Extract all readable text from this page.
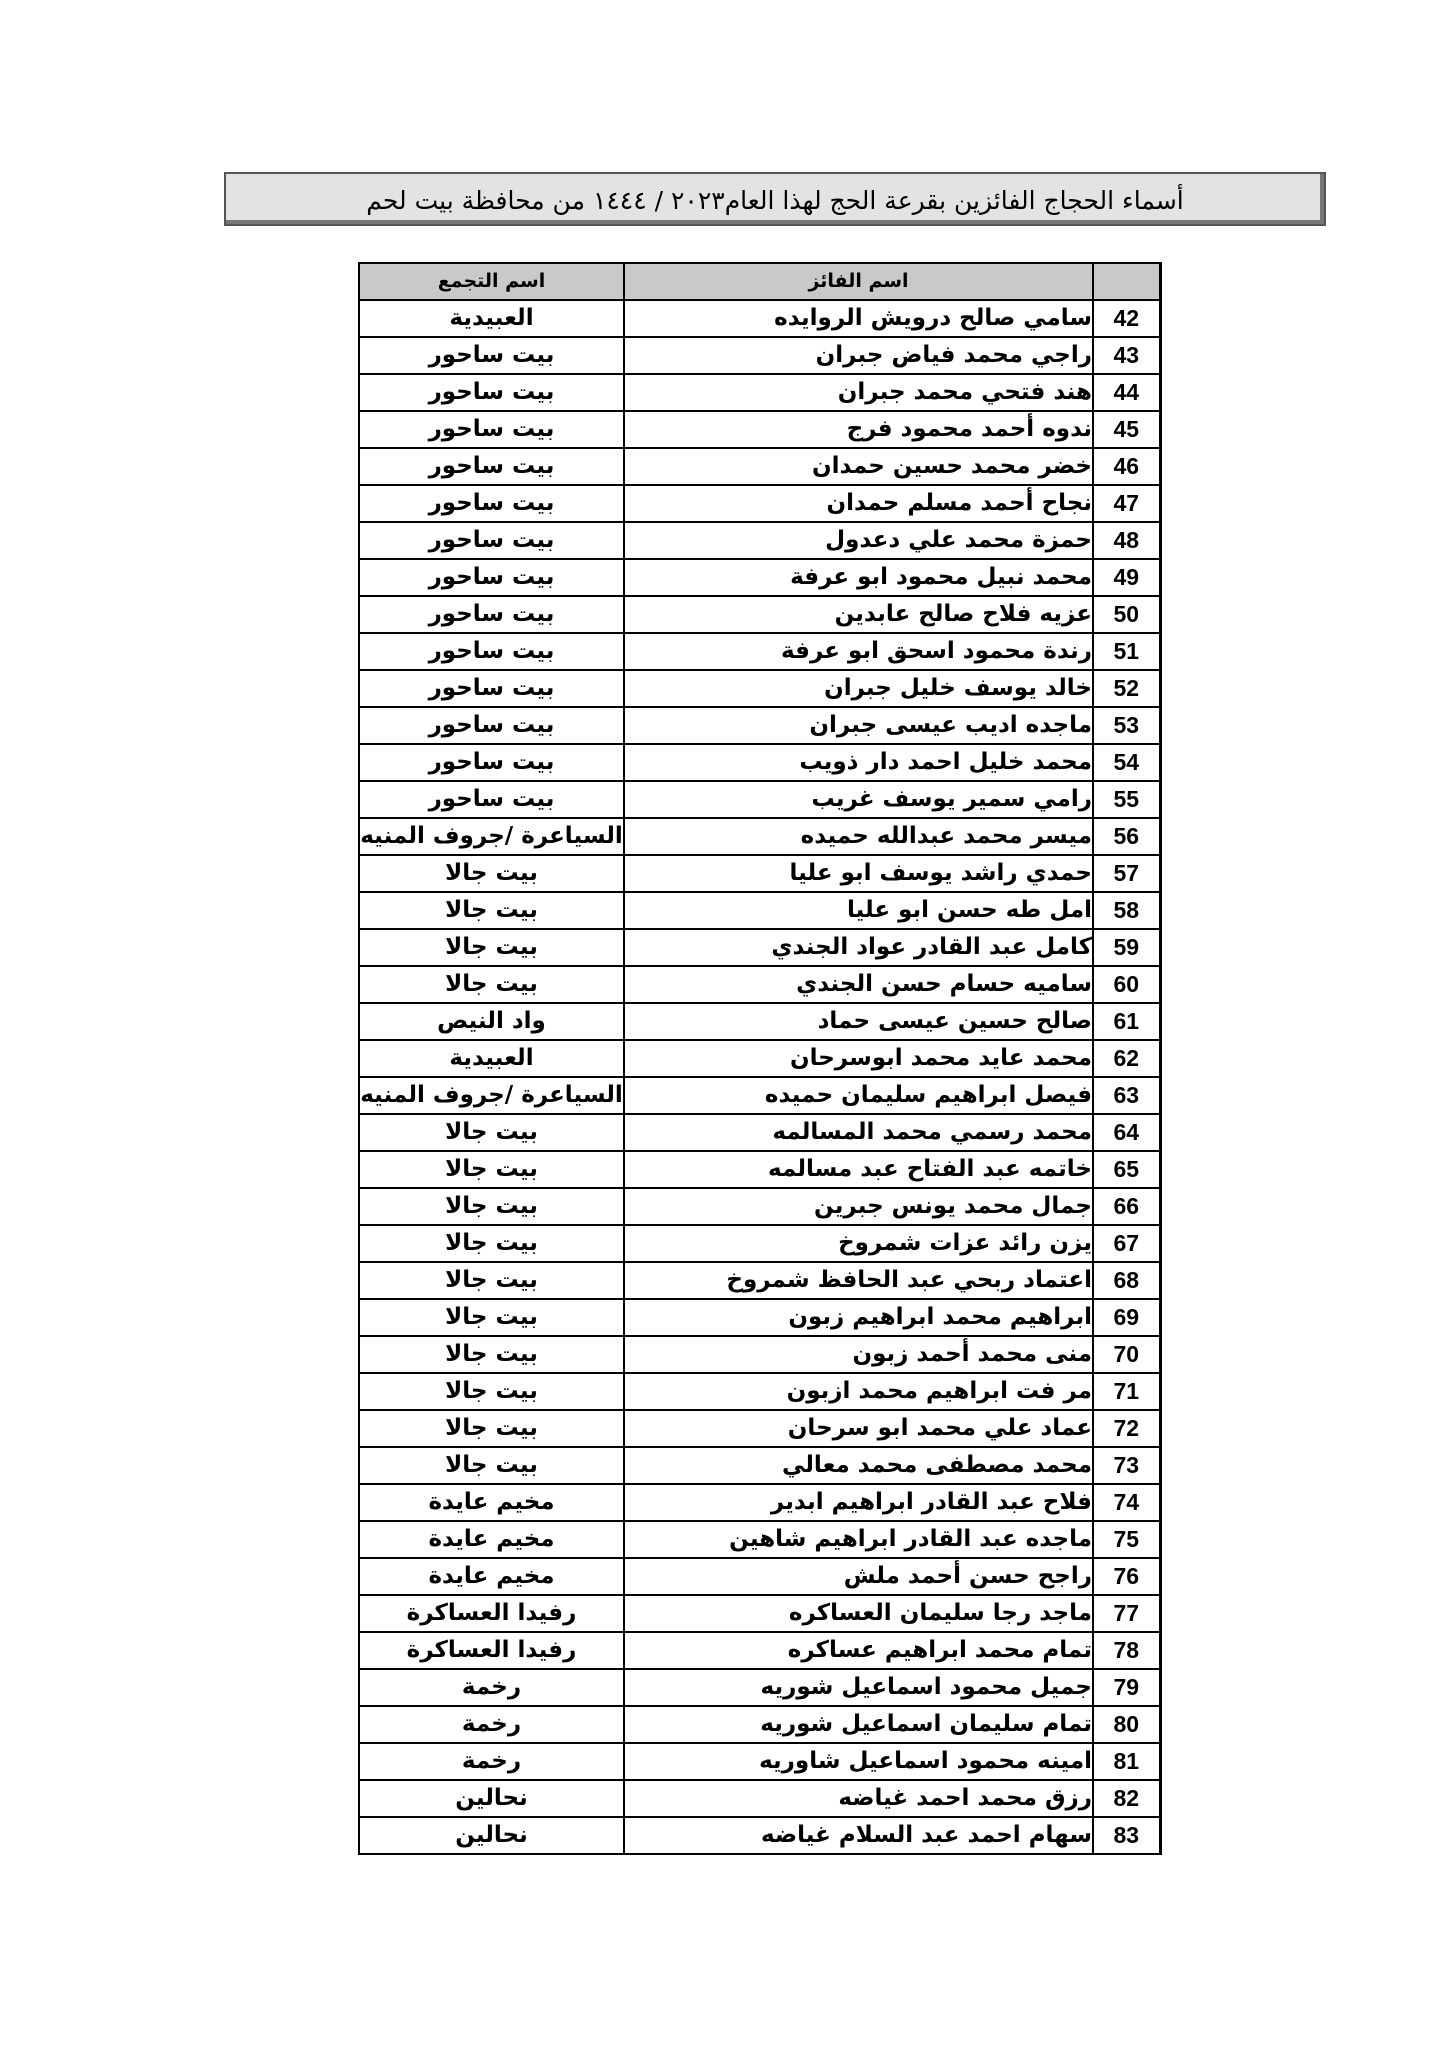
أسماء الحجاج الفائزين بقرعة الحج لهذا العام٢٠٢٣ / ١٤٤٤ من محافظة بيت لحم
اسم التجمع	اسم الفائز	
العبيدية	سامي صالح درويش الروايده	42
بيت ساحور	راجي محمد فياض جبران	43
بيت ساحور	هند فتحي محمد جبران	44
بيت ساحور	ندوه أحمد محمود فرج	45
بيت ساحور	خضر محمد حسين حمدان	46
بيت ساحور	نجاح أحمد مسلم حمدان	47
بيت ساحور	حمزة محمد علي دعدول	48
بيت ساحور	محمد نبيل محمود ابو عرفة	49
بيت ساحور	عزيه فلاح صالح عابدين	50
بيت ساحور	رندة محمود اسحق ابو عرفة	51
بيت ساحور	خالد يوسف خليل جبران	52
بيت ساحور	ماجده اديب عيسى جبران	53
بيت ساحور	محمد خليل احمد دار ذويب	54
بيت ساحور	رامي سمير يوسف غريب	55
السياعرة /جروف المنيه	ميسر محمد عبدالله حميده	56
بيت جالا	حمدي راشد يوسف ابو عليا	57
بيت جالا	امل طه حسن ابو عليا	58
بيت جالا	كامل عبد القادر عواد الجندي	59
بيت جالا	ساميه حسام حسن الجندي	60
واد النيص	صالح حسين عيسى حماد	61
العبيدية	محمد عايد محمد ابوسرحان	62
السياعرة /جروف المنيه	فيصل ابراهيم سليمان حميده	63
بيت جالا	محمد رسمي محمد المسالمه	64
بيت جالا	خاتمه عبد الفتاح عبد مسالمه	65
بيت جالا	جمال محمد يونس جبرين	66
بيت جالا	يزن رائد عزات شمروخ	67
بيت جالا	اعتماد ربحي عبد الحافظ شمروخ	68
بيت جالا	ابراهيم محمد ابراهيم زبون	69
بيت جالا	منى محمد أحمد زبون	70
بيت جالا	مر فت ابراهيم محمد ازبون	71
بيت جالا	عماد علي محمد ابو سرحان	72
بيت جالا	محمد مصطفى محمد معالي	73
مخيم عايدة	فلاح عبد القادر ابراهيم ابدير	74
مخيم عايدة	ماجده عبد القادر ابراهيم شاهين	75
مخيم عايدة	راجح حسن أحمد ملش	76
رفيدا العساكرة	ماجد رجا سليمان العساكره	77
رفيدا العساكرة	تمام محمد ابراهيم عساكره	78
رخمة	جميل محمود اسماعيل شوريه	79
رخمة	تمام سليمان اسماعيل شوريه	80
رخمة	امينه محمود اسماعيل شاوريه	81
نحالين	رزق محمد احمد غياضه	82
نحالين	سهام احمد عبد السلام غياضه	83
